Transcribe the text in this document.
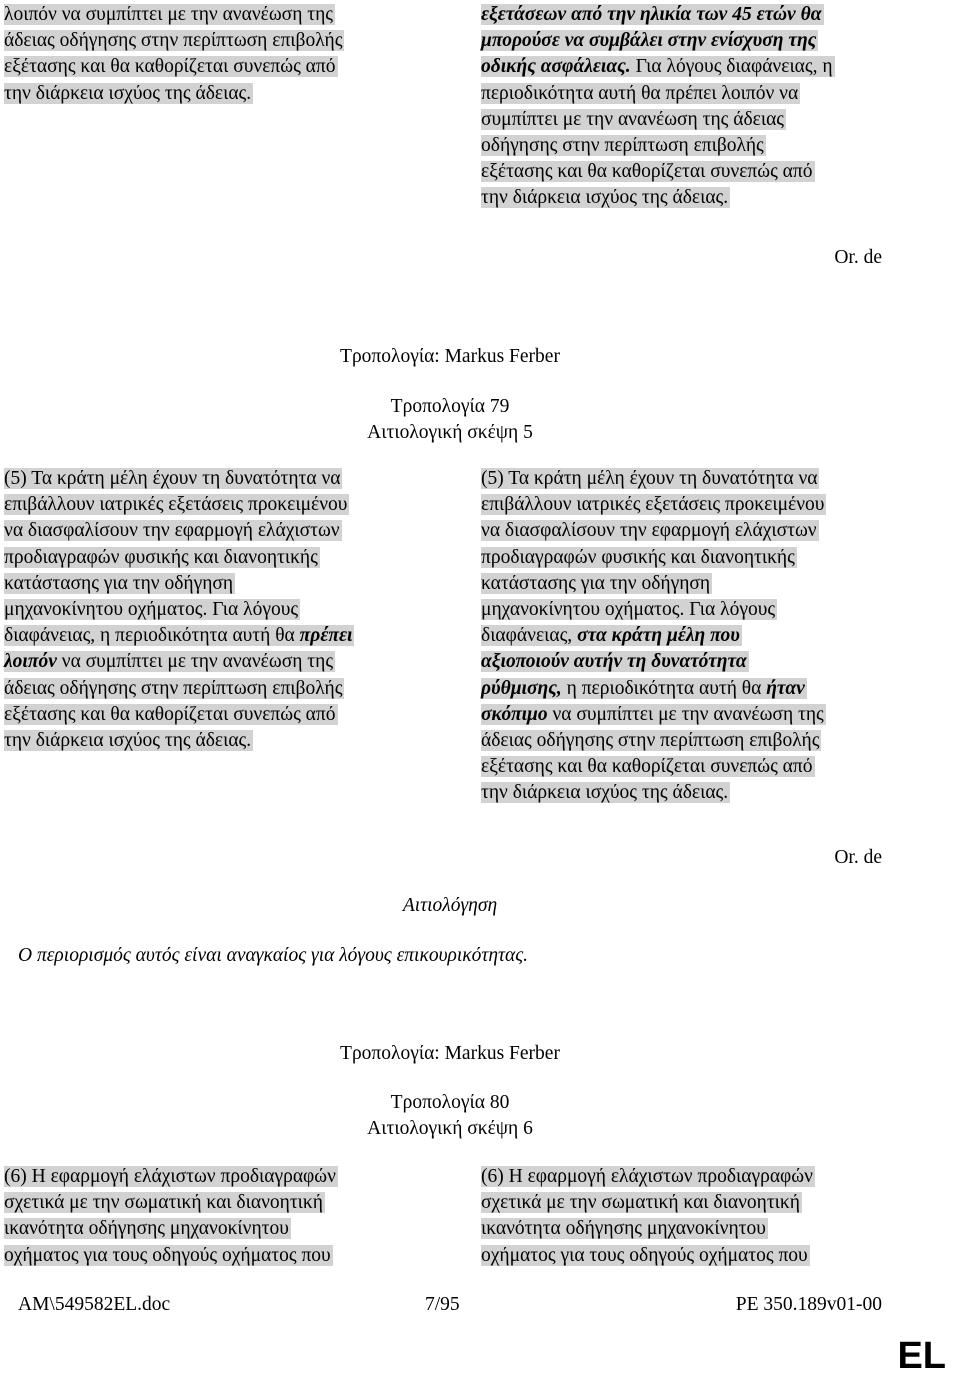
λοιπόν να συμπίπτει με την ανανέωση της
άδειας οδήγησης στην περίπτωση επιβολής
εξέτασης και θα καθορίζεται συνεπώς από
την διάρκεια ισχύος της άδειας.
εξετάσεων από την ηλικία των 45 ετών θα
μπορούσε να συμβάλει στην ενίσχυση της
οδικής ασφάλειας. Για λόγους διαφάνειας, η
περιοδικότητα αυτή θα πρέπει λοιπόν να
συμπίπτει με την ανανέωση της άδειας
οδήγησης στην περίπτωση επιβολής
εξέτασης και θα καθορίζεται συνεπώς από
την διάρκεια ισχύος της άδειας.
Or. de
Τροπολογία: Markus Ferber
Τροπολογία 79
Αιτιολογική σκέψη 5
(5) Τα κράτη μέλη έχουν τη δυνατότητα να
επιβάλλουν ιατρικές εξετάσεις προκειμένου
να διασφαλίσουν την εφαρμογή ελάχιστων
προδιαγραφών φυσικής και διανοητικής
κατάστασης για την οδήγηση
μηχανοκίνητου οχήματος. Για λόγους
διαφάνειας, η περιοδικότητα αυτή θα πρέπει
λοιπόν να συμπίπτει με την ανανέωση της
άδειας οδήγησης στην περίπτωση επιβολής
εξέτασης και θα καθορίζεται συνεπώς από
την διάρκεια ισχύος της άδειας.
(5) Τα κράτη μέλη έχουν τη δυνατότητα να
επιβάλλουν ιατρικές εξετάσεις προκειμένου
να διασφαλίσουν την εφαρμογή ελάχιστων
προδιαγραφών φυσικής και διανοητικής
κατάστασης για την οδήγηση
μηχανοκίνητου οχήματος. Για λόγους
διαφάνειας, στα κράτη μέλη που
αξιοποιούν αυτήν τη δυνατότητα
ρύθμισης, η περιοδικότητα αυτή θα ήταν
σκόπιμο να συμπίπτει με την ανανέωση της
άδειας οδήγησης στην περίπτωση επιβολής
εξέτασης και θα καθορίζεται συνεπώς από
την διάρκεια ισχύος της άδειας.
Or. de
Αιτιολόγηση
Ο περιορισμός αυτός είναι αναγκαίος για λόγους επικουρικότητας.
Τροπολογία: Markus Ferber
Τροπολογία 80
Αιτιολογική σκέψη 6
(6) Η εφαρμογή ελάχιστων προδιαγραφών
σχετικά με την σωματική και διανοητική
ικανότητα οδήγησης μηχανοκίνητου
οχήματος για τους οδηγούς οχήματος που
(6) Η εφαρμογή ελάχιστων προδιαγραφών
σχετικά με την σωματική και διανοητική
ικανότητα οδήγησης μηχανοκίνητου
οχήματος για τους οδηγούς οχήματος που
AM\549582EL.doc	7/95	PE 350.189v01-00
EL
